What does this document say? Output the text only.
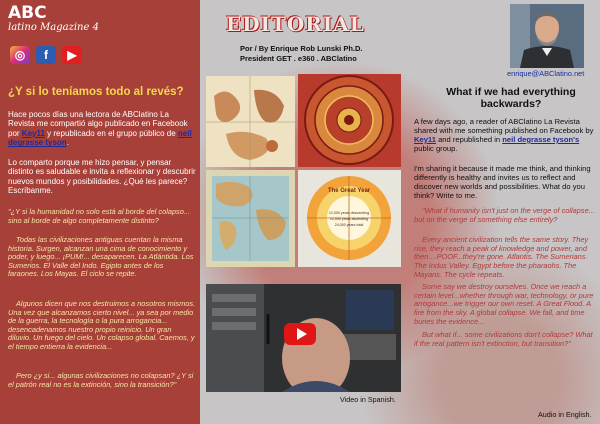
ABC
latino Magazine 4
◎	f	▶
¿Y si lo teníamos todo al revés?

Hace pocos días una lectora de ABClatino La Revista me compartió algo publicado en Facebook por Key11 y republicado en el grupo público de neil degrasse tyson.

Lo comparto porque me hizo pensar, y pensar distinto es saludable e invita a reflexionar y descubrir nuevos mundos y posibilidades. ¿Qué les parece? Escríbanme.

"¿Y si la humanidad no solo está al borde del colapso... sino al borde de algo completamente distinto?

Todas las civilizaciones antiguas cuentan la misma historia. Surgen, alcanzan una cima de conocimiento y poder, y luego... ¡PUM!... desaparecen. La Atlántida. Los Sumerios. El Valle del Indo. Egipto antes de los faraones. Los Mayas. El ciclo se repite.

Algunos dicen que nos destruimos a nosotros mismos. Una vez que alcanzamos cierto nivel... ya sea por medio de la guerra, la tecnología o la pura arrogancia... desencadenamos nuestro propio reinicio. Un gran diluvio. Un fuego del cielo. Un colapso global. Caemos, y el tiempo entierra la evidencia...

Pero ¿y si... algunas civilizaciones no colapsan? ¿Y si el patrón real no es la extinción, sino la transición?"

EDITORIAL
Por / By Enrique Rob Lunski Ph.D.
President GET . e360 . ABClatino
enrique@ABClatino.net
The Great Year
12,000 years descending
12,000 years ascending
24,000 years total
Video in Spanish.
What if we had everything backwards?

A few days ago, a reader of ABClatino La Revista shared with me something published on Facebook by Key11 and republished in neil degrasse tyson's public group.

I'm sharing it because it made me think, and thinking differently is healthy and invites us to reflect and discover new worlds and possibilities. What do you think? Write to me.

"What if humanity isn't just on the verge of collapse... but on the verge of something else entirely?

Every ancient civilization tells the same story. They rise, they reach a peak of knowledge and power, and then....POOF...they're gone. Atlantis. The Sumerians. The Indus Valley. Egypt before the pharaohs. The Mayans. The cycle repeats.

Some say we destroy ourselves. Once we reach a certain level...whether through war, technology, or pure arrogance...we trigger our own reset. A Great Flood. A fire from the sky. A global collapse. We fall, and time buries the evidence...

But what if... some civilizations don't collapse? What if the real pattern isn't extinction, but transition?"

Audio in English.
